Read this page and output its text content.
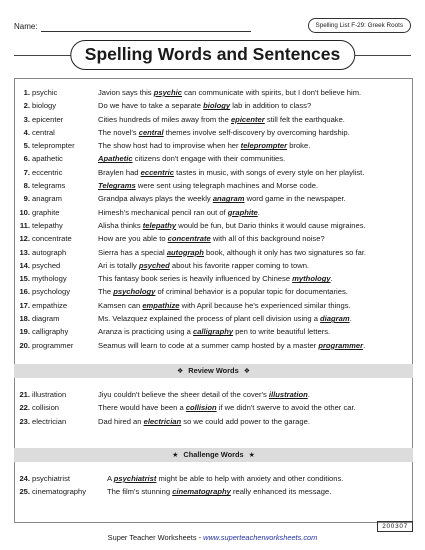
Name:	Spelling List F-29: Greek Roots
Spelling Words and Sentences
1. psychic	Javion says this psychic can communicate with spirits, but I don't believe him.
2. biology	Do we have to take a separate biology lab in addition to class?
3. epicenter	Cities hundreds of miles away from the epicenter still felt the earthquake.
4. central	The novel's central themes involve self-discovery by overcoming hardship.
5. teleprompter	The show host had to improvise when her teleprompter broke.
6. apathetic	Apathetic citizens don't engage with their communities.
7. eccentric	Braylen had eccentric tastes in music, with songs of every style on her playlist.
8. telegrams	Telegrams were sent using telegraph machines and Morse code.
9. anagram	Grandpa always plays the weekly anagram word game in the newspaper.
10. graphite	Himesh's mechanical pencil ran out of graphite.
11. telepathy	Alisha thinks telepathy would be fun, but Dario thinks it would cause migraines.
12. concentrate	How are you able to concentrate with all of this background noise?
13. autograph	Sierra has a special autograph book, although it only has two signatures so far.
14. psyched	Ari is totally psyched about his favorite rapper coming to town.
15. mythology	This fantasy book series is heavily influenced by Chinese mythology.
16. psychology	The psychology of criminal behavior is a popular topic for documentaries.
17. empathize	Kamsen can empathize with April because he's experienced similar things.
18. diagram	Ms. Velazquez explained the process of plant cell division using a diagram.
19. calligraphy	Aranza is practicing using a calligraphy pen to write beautiful letters.
20. programmer	Seamus will learn to code at a summer camp hosted by a master programmer.
❖ Review Words ❖
21. illustration	Jiyu couldn't believe the sheer detail of the cover's illustration.
22. collision	There would have been a collision if we didn't swerve to avoid the other car.
23. electrician	Dad hired an electrician so we could add power to the garage.
★ Challenge Words ★
24. psychiatrist	A psychiatrist might be able to help with anxiety and other conditions.
25. cinematography	The film's stunning cinematography really enhanced its message.
200307
Super Teacher Worksheets - www.superteacherworksheets.com
